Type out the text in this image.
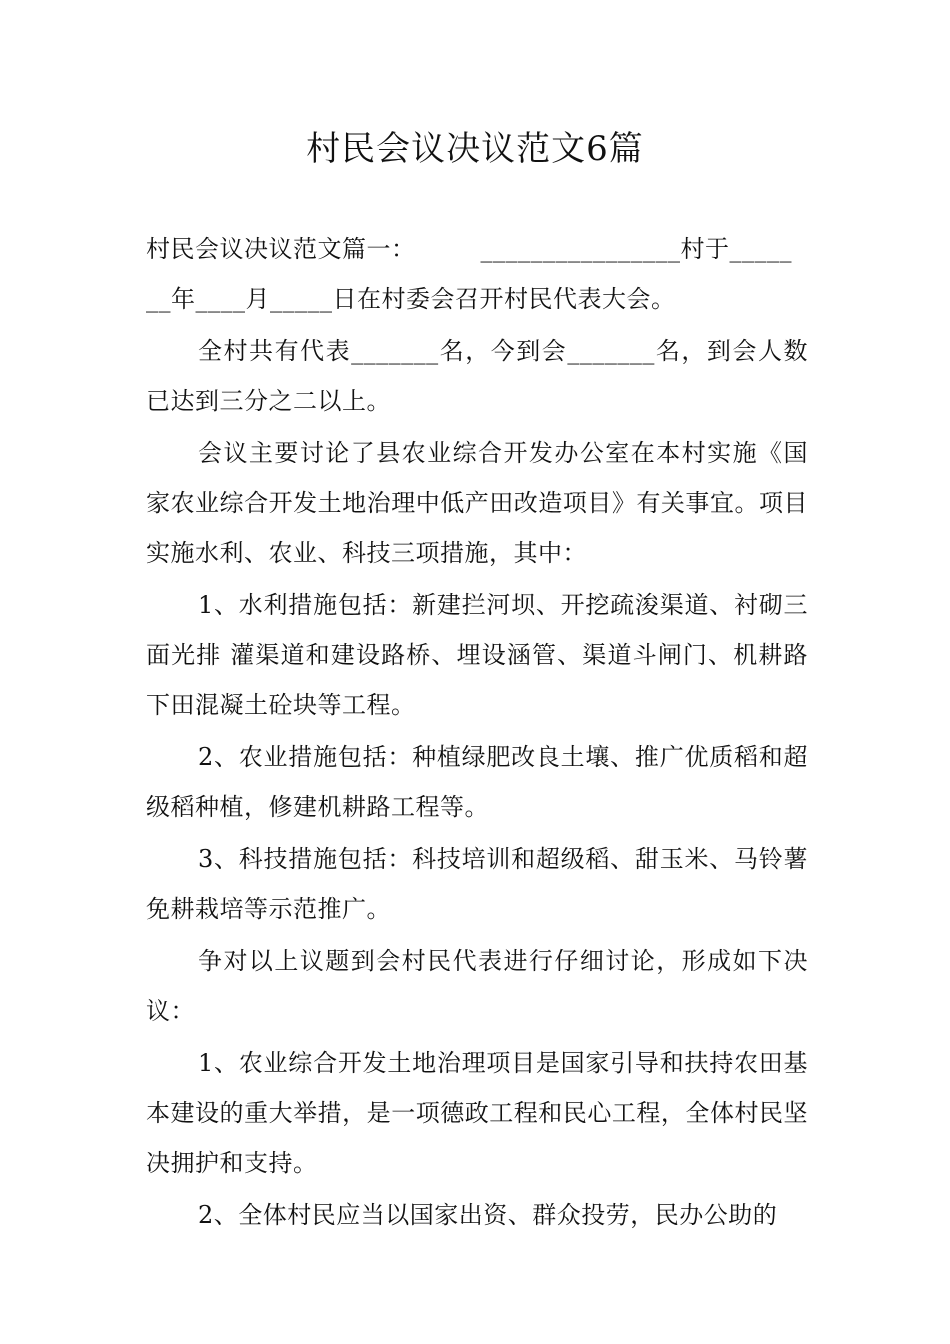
村民会议决议范文6篇

村民会议决议范文篇一：        ________________村于_____
__年____月_____日在村委会召开村民代表大会。

全村共有代表_______名，今到会_______名，到会人数已达到三分之二以上。

会议主要讨论了县农业综合开发办公室在本村实施《国家农业综合开发土地治理中低产田改造项目》有关事宜。项目实施水利、农业、科技三项措施，其中：

1、水利措施包括：新建拦河坝、开挖疏浚渠道、衬砌三面光排 灌渠道和建设路桥、埋设涵管、渠道斗闸门、机耕路下田混凝土砼块等工程。

2、农业措施包括：种植绿肥改良土壤、推广优质稻和超级稻种植，修建机耕路工程等。

3、科技措施包括：科技培训和超级稻、甜玉米、马铃薯免耕栽培等示范推广。

争对以上议题到会村民代表进行仔细讨论，形成如下决议：

1、农业综合开发土地治理项目是国家引导和扶持农田基本建设的重大举措，是一项德政工程和民心工程，全体村民坚决拥护和支持。

2、全体村民应当以国家出资、群众投劳，民办公助的
